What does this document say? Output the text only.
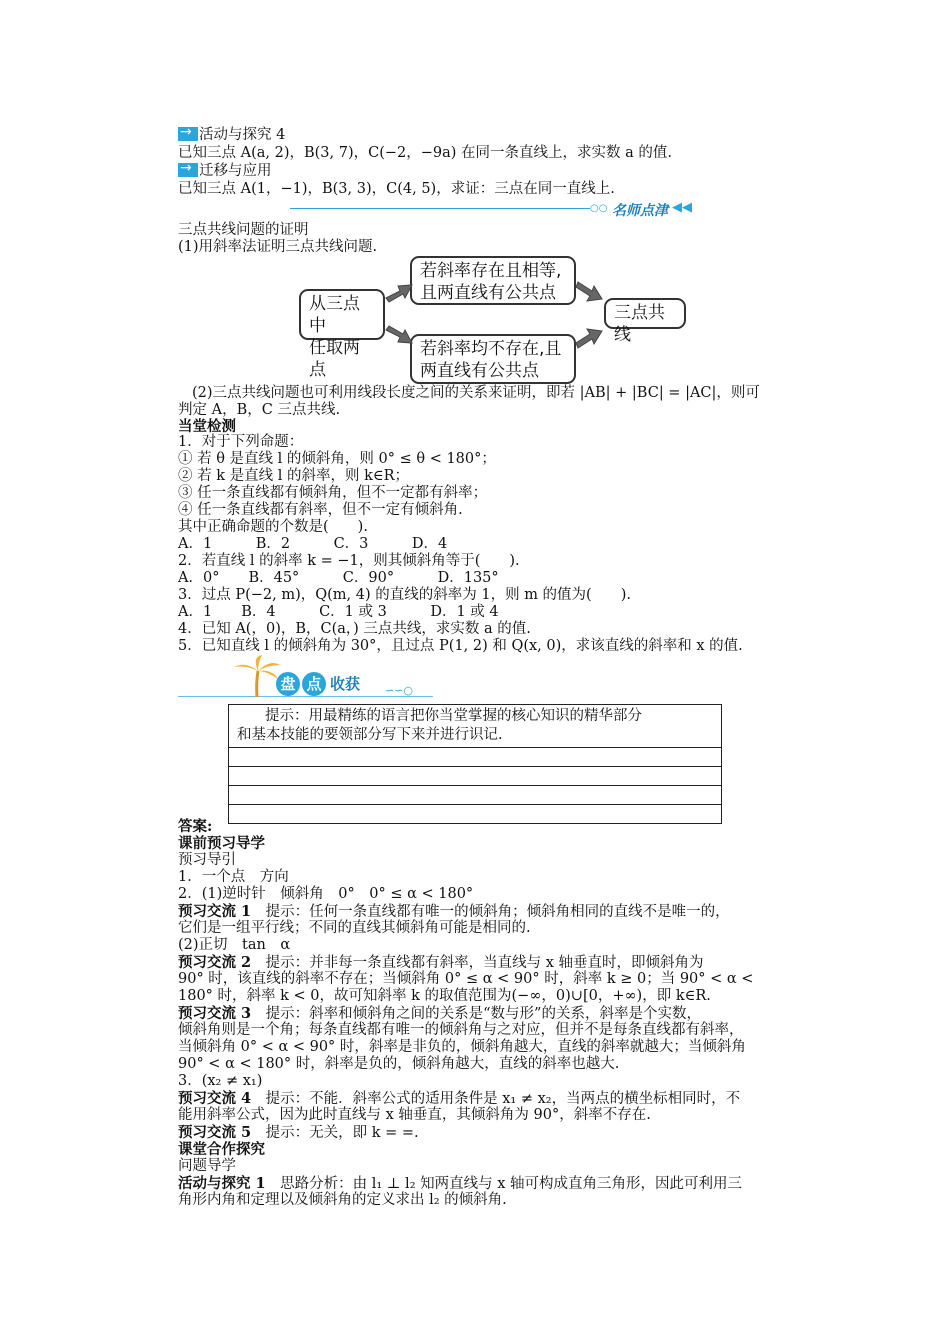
→活动与探究 4
已知三点 A(a, 2)，B(3, 7)，C(−2，−9a) 在同一条直线上，求实数 a 的值.
→迁移与应用
已知三点 A(1，−1)，B(3, 3)，C(4, 5)，求证：三点在同一直线上.
○○ 名师点津 ◀◀
三点共线问题的证明
(1)用斜率法证明三点共线问题.
从三点中
任取两点
若斜率存在且相等,
且两直线有公共点
若斜率均不存在,且
两直线有公共点
三点共线
(2)三点共线问题也可利用线段长度之间的关系来证明，即若 |AB| + |BC| = |AC|，则可
判定 A，B，C 三点共线.
当堂检测
1．对于下列命题：
① 若 θ 是直线 l 的倾斜角，则 0° ≤ θ < 180°；
② 若 k 是直线 l 的斜率，则 k∈R；
③ 任一条直线都有倾斜角，但不一定都有斜率；
④ 任一条直线都有斜率，但不一定有倾斜角.
其中正确命题的个数是(　　).
A．1　　　B．2　　　C．3　　　D．4
2．若直线 l 的斜率 k = −1，则其倾斜角等于(　　).
A．0°　　B．45°　　　C．90°　　　D．135°
3．过点 P(−2, m)，Q(m, 4) 的直线的斜率为 1，则 m 的值为(　　).
A．1　　B．4　　　C．1 或 3　　　D．1 或 4
4．已知 A(，0)，B，C(a，) 三点共线，求实数 a 的值.
5．已知直线 l 的倾斜角为 30°，且过点 P(1, 2) 和 Q(x, 0)，求该直线的斜率和 x 的值.
盘 点 收获 ∽∽○
提示：用最精练的语言把你当堂掌握的核心知识的精华部分
和基本技能的要领部分写下来并进行识记.
答案:
课前预习导学
预习导引
1．一个点　方向
2．(1)逆时针　倾斜角　0°　0° ≤ α < 180°
预习交流 1　提示：任何一条直线都有唯一的倾斜角；倾斜角相同的直线不是唯一的，
它们是一组平行线；不同的直线其倾斜角可能是相同的.
(2)正切　tan　α
预习交流 2　提示：并非每一条直线都有斜率，当直线与 x 轴垂直时，即倾斜角为
90° 时，该直线的斜率不存在；当倾斜角 0° ≤ α < 90° 时，斜率 k ≥ 0；当 90° < α <
180° 时，斜率 k < 0，故可知斜率 k 的取值范围为(−∞，0)∪[0，+∞)，即 k∈R.
预习交流 3　提示：斜率和倾斜角之间的关系是“数与形”的关系，斜率是个实数，
倾斜角则是一个角；每条直线都有唯一的倾斜角与之对应，但并不是每条直线都有斜率，
当倾斜角 0° < α < 90° 时，斜率是非负的，倾斜角越大，直线的斜率就越大；当倾斜角
90° < α < 180° 时，斜率是负的，倾斜角越大，直线的斜率也越大.
3．(x₂ ≠ x₁)
预习交流 4　提示：不能．斜率公式的适用条件是 x₁ ≠ x₂，当两点的横坐标相同时，不
能用斜率公式，因为此时直线与 x 轴垂直，其倾斜角为 90°，斜率不存在.
预习交流 5　提示：无关，即 k = =.
课堂合作探究
问题导学
活动与探究 1　思路分析：由 l₁ ⊥ l₂ 知两直线与 x 轴可构成直角三角形，因此可利用三
角形内角和定理以及倾斜角的定义求出 l₂ 的倾斜角.
